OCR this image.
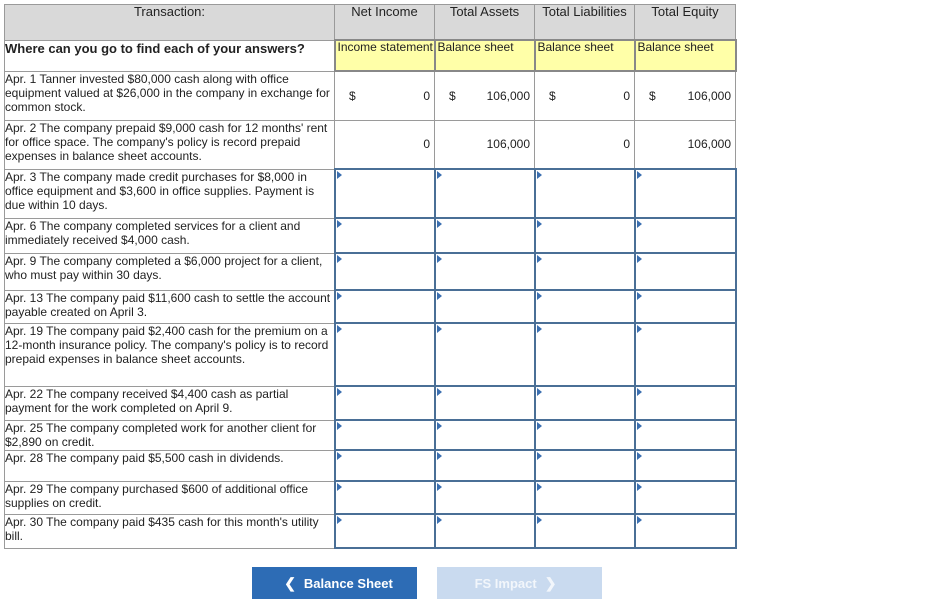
Transaction:	Net Income	Total Assets	Total Liabilities	Total Equity
Where can you go to find each of your answers?	Income statement	Balance sheet	Balance sheet	Balance sheet

Apr. 1 Tanner invested $80,000 cash along with office equipment valued at $26,000 in the company in exchange for common stock.	$ 0	$ 106,000	$ 0	$ 106,000

Apr. 2 The company prepaid $9,000 cash for 12 months' rent for office space. The company's policy is record prepaid expenses in balance sheet accounts.	0	106,000	0	106,000

Apr. 3 The company made credit purchases for $8,000 in office equipment and $3,600 in office supplies. Payment is due within 10 days.				
Apr. 6 The company completed services for a client and immediately received $4,000 cash.				
Apr. 9 The company completed a $6,000 project for a client, who must pay within 30 days.				
Apr. 13 The company paid $11,600 cash to settle the account payable created on April 3.				
Apr. 19 The company paid $2,400 cash for the premium on a 12-month insurance policy. The company's policy is to record prepaid expenses in balance sheet accounts.				
Apr. 22 The company received $4,400 cash as partial payment for the work completed on April 9.				
Apr. 25 The company completed work for another client for $2,890 on credit.				
Apr. 28 The company paid $5,500 cash in dividends.				
Apr. 29 The company purchased $600 of additional office supplies on credit.				
Apr. 30 The company paid $435 cash for this month's utility bill.				
❮ Balance Sheet	FS Impact ❯
